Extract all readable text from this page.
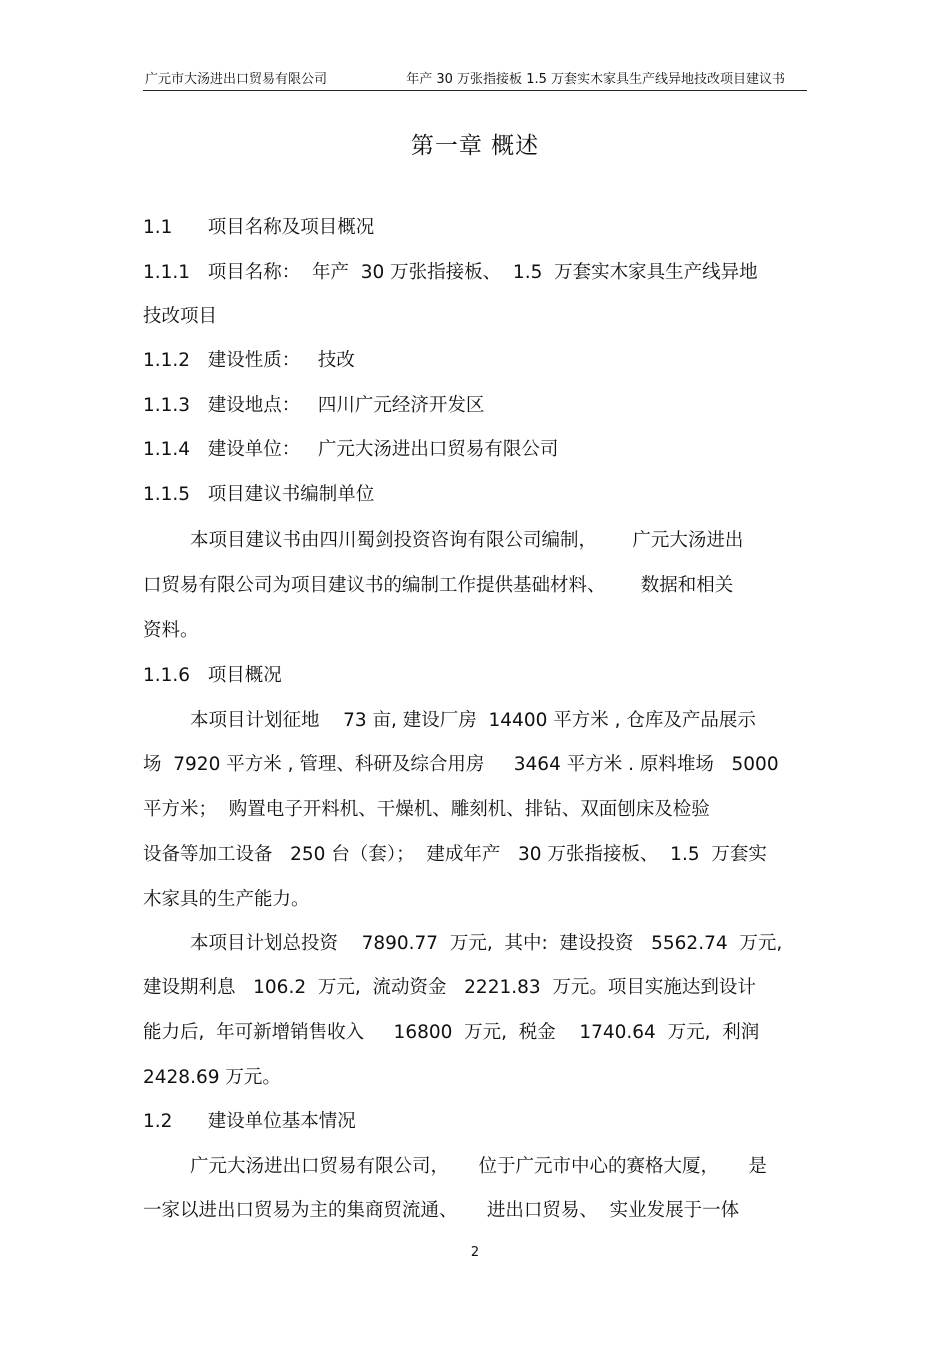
广元市大汤进出口贸易有限公司	年产 30 万张指接板 1.5 万套实木家具生产线异地技改项目建议书
第一章 概述
1.1      项目名称及项目概况
1.1.1   项目名称：  年产  30 万张指接板、  1.5  万套实木家具生产线异地
技改项目
1.1.2   建设性质：   技改
1.1.3   建设地点：   四川广元经济开发区
1.1.4   建设单位：   广元大汤进出口贸易有限公司
1.1.5   项目建议书编制单位
本项目建议书由四川蜀剑投资咨询有限公司编制，      广元大汤进出
口贸易有限公司为项目建议书的编制工作提供基础材料、      数据和相关
资料。
1.1.6   项目概况
本项目计划征地    73 亩, 建设厂房  14400 平方米 , 仓库及产品展示
场  7920 平方米 , 管理、科研及综合用房     3464 平方米 . 原料堆场   5000
平方米；  购置电子开料机、干燥机、雕刻机、排钻、双面刨床及检验
设备等加工设备   250 台（套）；  建成年产   30 万张指接板、  1.5  万套实
木家具的生产能力。
本项目计划总投资    7890.77  万元,  其中:  建设投资   5562.74  万元,
建设期利息   106.2  万元,  流动资金   2221.83  万元。项目实施达到设计
能力后,  年可新增销售收入     16800  万元,  税金    1740.64  万元,  利润
2428.69 万元。
1.2      建设单位基本情况
广元大汤进出口贸易有限公司，     位于广元市中心的赛格大厦，     是
一家以进出口贸易为主的集商贸流通、     进出口贸易、  实业发展于一体
2
